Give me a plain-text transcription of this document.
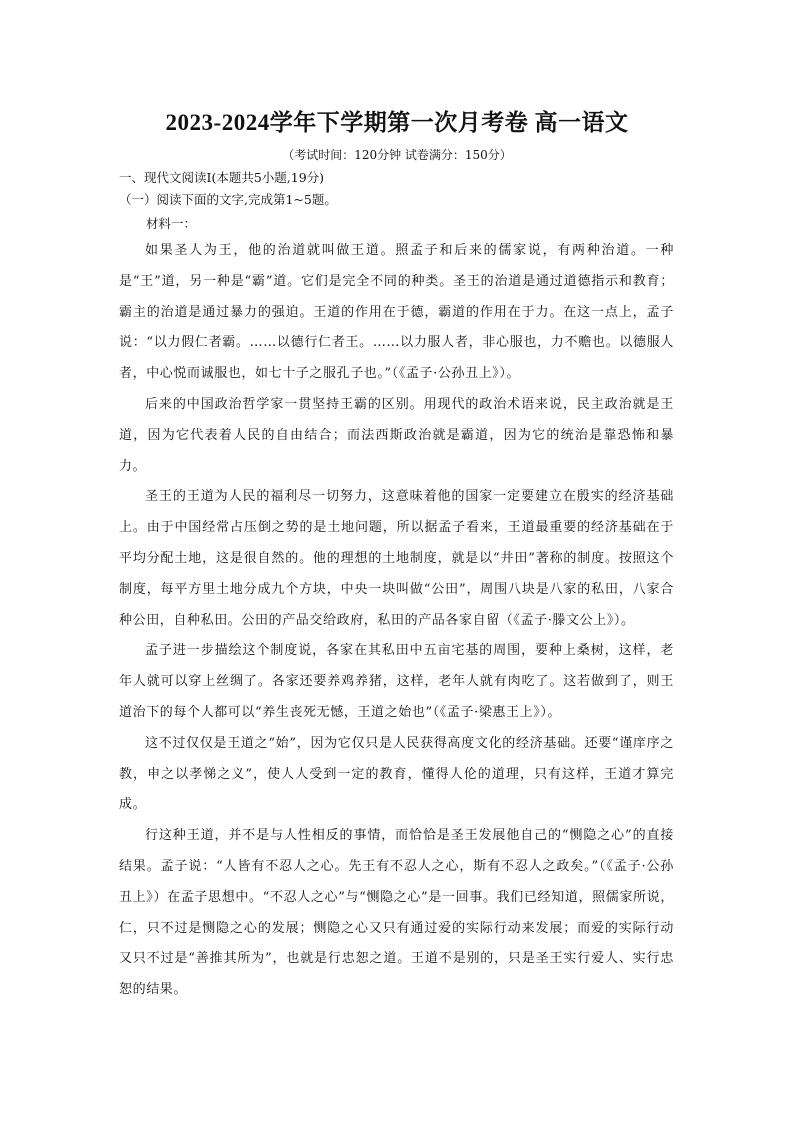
2023-2024学年下学期第一次月考卷 高一语文
（考试时间：120分钟 试卷满分：150分）
一、现代文阅读Ⅰ(本题共5小题,19分)
（一）阅读下面的文字,完成第1~5题。
材料一：

如果圣人为王，他的治道就叫做王道。照孟子和后来的儒家说，有两种治道。一种是“王”道，另一种是“霸”道。它们是完全不同的种类。圣王的治道是通过道德指示和教育；霸主的治道是通过暴力的强迫。王道的作用在于德，霸道的作用在于力。在这一点上，孟子说：“以力假仁者霸。……以德行仁者王。……以力服人者，非心服也，力不赡也。以德服人者，中心悦而诚服也，如七十子之服孔子也。”（《孟子·公孙丑上》）。

后来的中国政治哲学家一贯坚持王霸的区别。用现代的政治术语来说，民主政治就是王道，因为它代表着人民的自由结合；而法西斯政治就是霸道，因为它的统治是靠恐怖和暴力。

圣王的王道为人民的福利尽一切努力，这意味着他的国家一定要建立在殷实的经济基础上。由于中国经常占压倒之势的是土地问题，所以据孟子看来，王道最重要的经济基础在于平均分配土地，这是很自然的。他的理想的土地制度，就是以“井田”著称的制度。按照这个制度，每平方里土地分成九个方块，中央一块叫做“公田”，周围八块是八家的私田，八家合种公田，自种私田。公田的产品交给政府，私田的产品各家自留（《孟子·滕文公上》）。

孟子进一步描绘这个制度说，各家在其私田中五亩宅基的周围，要种上桑树，这样，老年人就可以穿上丝绸了。各家还要养鸡养猪，这样，老年人就有肉吃了。这若做到了，则王道治下的每个人都可以“养生丧死无憾，王道之始也”（《孟子·梁惠王上》）。

这不过仅仅是王道之“始”，因为它仅只是人民获得高度文化的经济基础。还要“谨庠序之教，申之以孝悌之义”，使人人受到一定的教育，懂得人伦的道理，只有这样，王道才算完成。

行这种王道，并不是与人性相反的事情，而恰恰是圣王发展他自己的“恻隐之心”的直接结果。孟子说：“人皆有不忍人之心。先王有不忍人之心，斯有不忍人之政矣。”（《孟子·公孙丑上》）在孟子思想中。“不忍人之心”与“恻隐之心”是一回事。我们已经知道，照儒家所说，仁，只不过是恻隐之心的发展；恻隐之心又只有通过爱的实际行动来发展；而爱的实际行动又只不过是“善推其所为”，也就是行忠恕之道。王道不是别的，只是圣王实行爱人、实行忠恕的结果。
